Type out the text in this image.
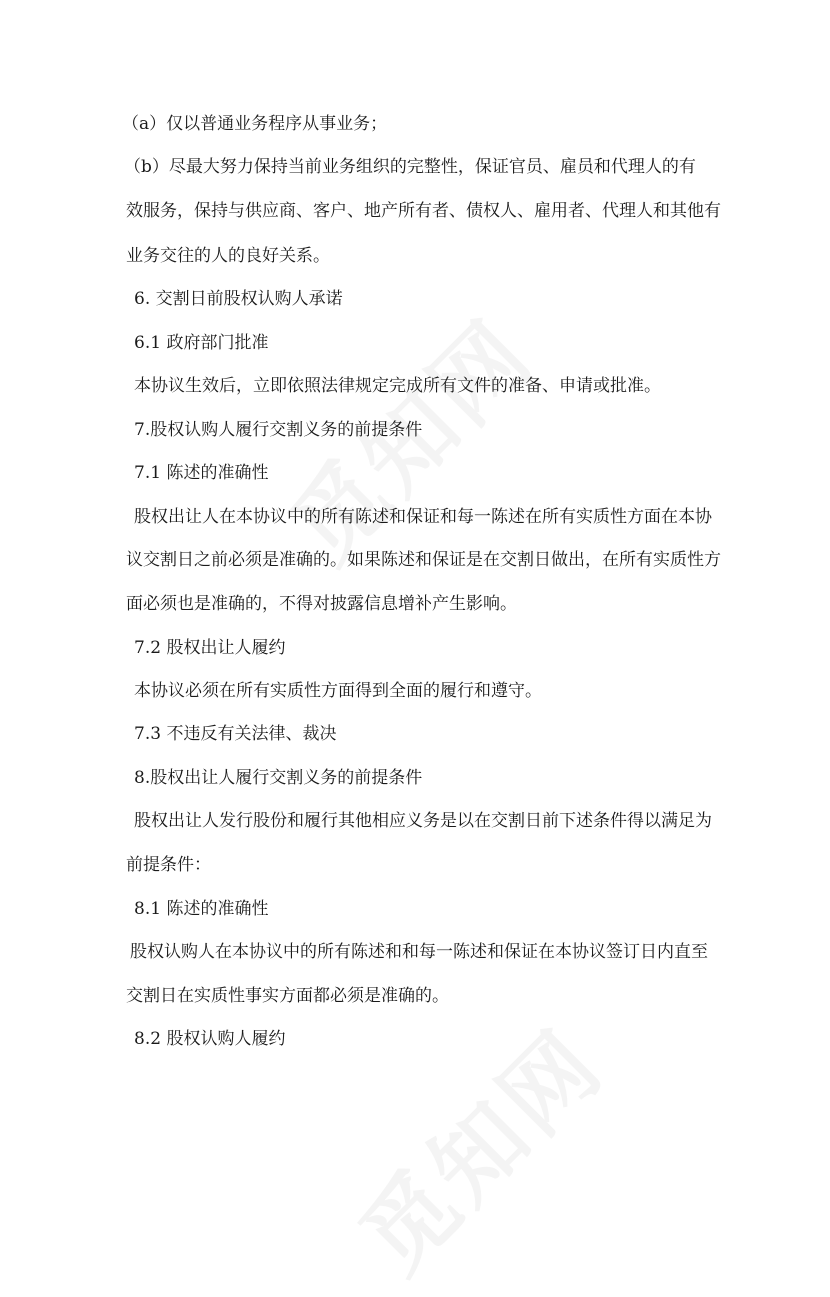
（a）仅以普通业务程序从事业务；
（b）尽最大努力保持当前业务组织的完整性，保证官员、雇员和代理人的有
效服务，保持与供应商、客户、地产所有者、债权人、雇用者、代理人和其他有
业务交往的人的良好关系。
6. 交割日前股权认购人承诺
6.1 政府部门批准
本协议生效后，立即依照法律规定完成所有文件的准备、申请或批准。
7.股权认购人履行交割义务的前提条件
7.1 陈述的准确性
股权出让人在本协议中的所有陈述和保证和每一陈述在所有实质性方面在本协
议交割日之前必须是准确的。如果陈述和保证是在交割日做出，在所有实质性方
面必须也是准确的，不得对披露信息增补产生影响。
7.2 股权出让人履约
本协议必须在所有实质性方面得到全面的履行和遵守。
7.3 不违反有关法律、裁决
8.股权出让人履行交割义务的前提条件
股权出让人发行股份和履行其他相应义务是以在交割日前下述条件得以满足为
前提条件：
8.1 陈述的准确性
股权认购人在本协议中的所有陈述和和每一陈述和保证在本协议签订日内直至
交割日在实质性事实方面都必须是准确的。
8.2 股权认购人履约
